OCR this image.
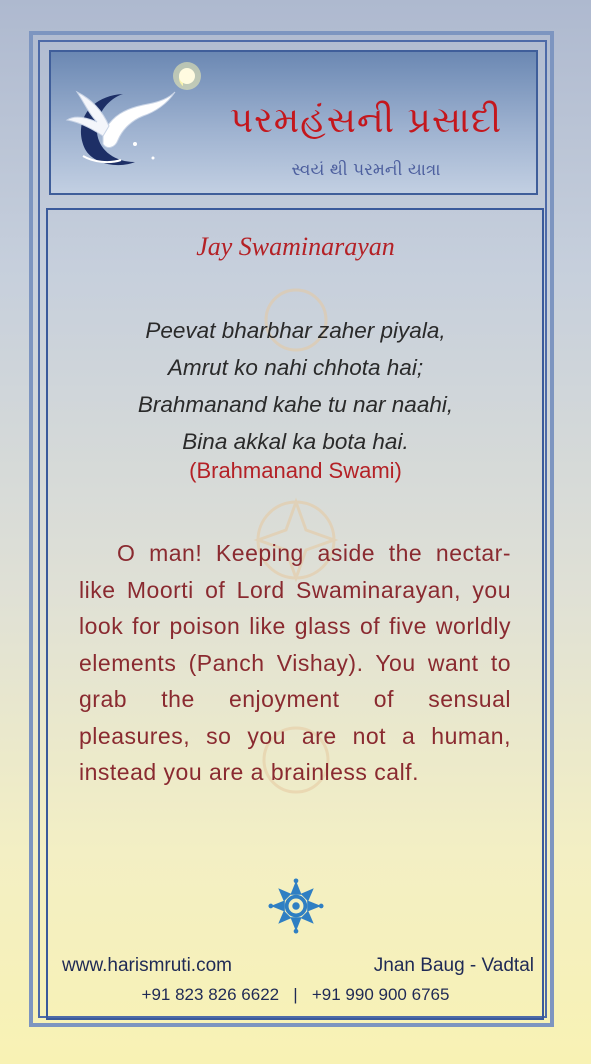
પરમહંસની પ્રસાદી
સ્વયં થી પરમની યાત્રા
Jay Swaminarayan
Peevat bharbhar zaher piyala,
Amrut ko nahi chhota hai;
Brahmanand kahe tu nar naahi,
Bina akkal ka bota hai.
(Brahmanand Swami)
O man! Keeping aside the nectar-like Moorti of Lord Swaminarayan, you look for poison like glass of five worldly elements (Panch Vishay). You want to grab the enjoyment of sensual pleasures, so you are not a human, instead you are a brainless calf.
www.harismruti.com	Jnan Baug - Vadtal
+91 823 826 6622 | +91 990 900 6765
